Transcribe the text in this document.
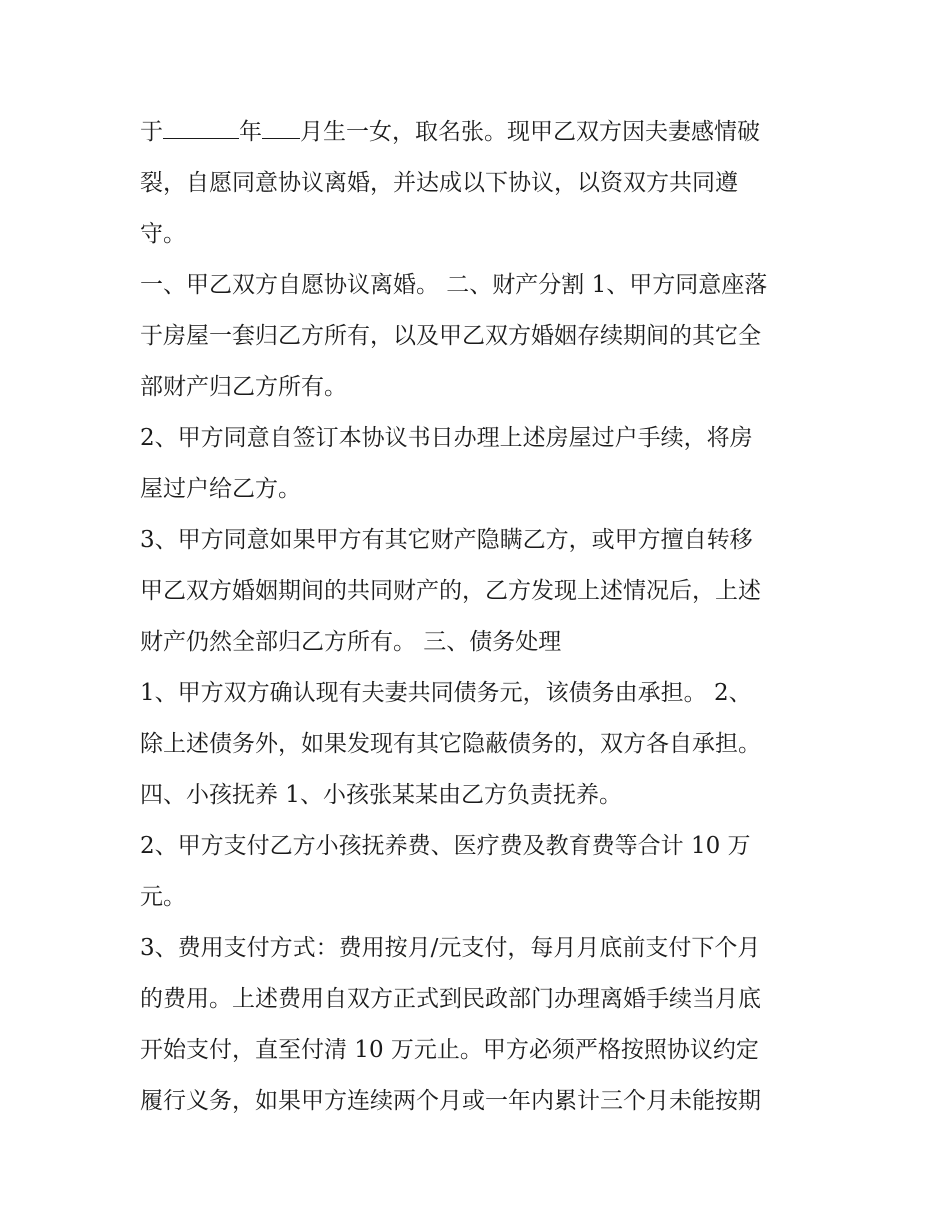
于	年 月生一女，取名张。现甲乙双方因夫妻感情破
裂，自愿同意协议离婚，并达成以下协议，以资双方共同遵
守。
一、甲乙双方自愿协议离婚。 二、财产分割 1、甲方同意座落
于房屋一套归乙方所有，以及甲乙双方婚姻存续期间的其它全
部财产归乙方所有。
2、甲方同意自签订本协议书日办理上述房屋过户手续，将房
屋过户给乙方。
3、甲方同意如果甲方有其它财产隐瞒乙方，或甲方擅自转移
甲乙双方婚姻期间的共同财产的，乙方发现上述情况后，上述
财产仍然全部归乙方所有。 三、债务处理
1、甲方双方确认现有夫妻共同债务元，该债务由承担。 2、
除上述债务外，如果发现有其它隐蔽债务的，双方各自承担。
四、小孩抚养 1、小孩张某某由乙方负责抚养。
2、甲方支付乙方小孩抚养费、医疗费及教育费等合计 10 万
元。
3、费用支付方式：费用按月/元支付，每月月底前支付下个月
的费用。上述费用自双方正式到民政部门办理离婚手续当月底
开始支付，直至付清 10 万元止。甲方必须严格按照协议约定
履行义务，如果甲方连续两个月或一年内累计三个月未能按期
